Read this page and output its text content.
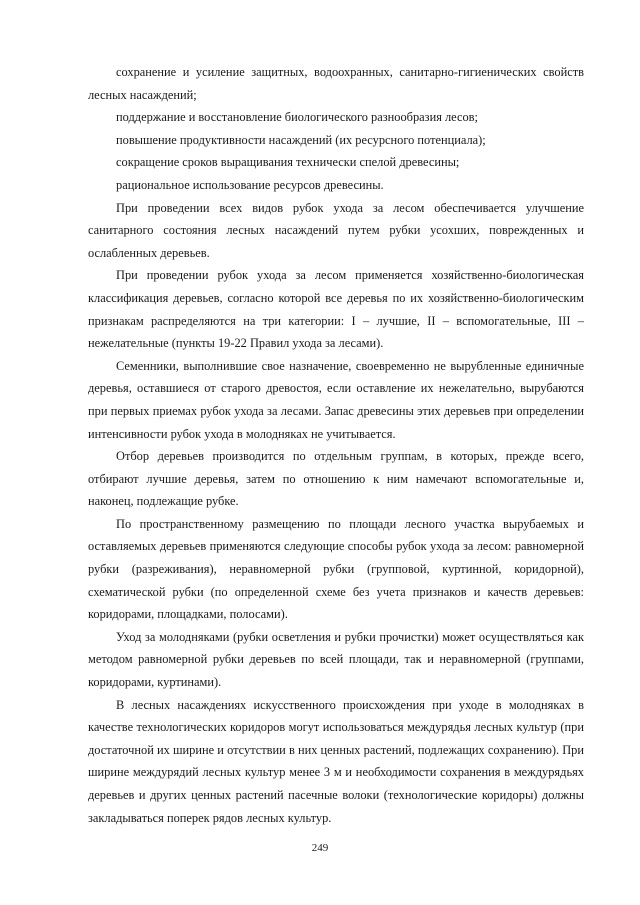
сохранение и усиление защитных, водоохранных, санитарно-гигиенических свойств лесных насаждений;

поддержание и восстановление биологического разнообразия лесов;

повышение продуктивности насаждений (их ресурсного потенциала);

сокращение сроков выращивания технически спелой древесины;

рациональное использование ресурсов древесины.

При проведении всех видов рубок ухода за лесом обеспечивается улучшение санитарного состояния лесных насаждений путем рубки усохших, поврежденных и ослабленных деревьев.

При проведении рубок ухода за лесом применяется хозяйственно-биологическая классификация деревьев, согласно которой все деревья по их хозяйственно-биологическим признакам распределяются на три категории: I – лучшие, II – вспомогательные, III – нежелательные (пункты 19-22 Правил ухода за лесами).

Семенники, выполнившие свое назначение, своевременно не вырубленные единичные деревья, оставшиеся от старого древостоя, если оставление их нежелательно, вырубаются при первых приемах рубок ухода за лесами. Запас древесины этих деревьев при определении интенсивности рубок ухода в молодняках не учитывается.

Отбор деревьев производится по отдельным группам, в которых, прежде всего, отбирают лучшие деревья, затем по отношению к ним намечают вспомогательные и, наконец, подлежащие рубке.

По пространственному размещению по площади лесного участка вырубаемых и оставляемых деревьев применяются следующие способы рубок ухода за лесом: равномерной рубки (разреживания), неравномерной рубки (групповой, куртинной, коридорной), схематической рубки (по определенной схеме без учета признаков и качеств деревьев: коридорами, площадками, полосами).

Уход за молодняками (рубки осветления и рубки прочистки) может осуществляться как методом равномерной рубки деревьев по всей площади, так и неравномерной (группами, коридорами, куртинами).

В лесных насаждениях искусственного происхождения при уходе в молодняках в качестве технологических коридоров могут использоваться междурядья лесных культур (при достаточной их ширине и отсутствии в них ценных растений, подлежащих сохранению). При ширине междурядий лесных культур менее 3 м и необходимости сохранения в междурядьях деревьев и других ценных растений пасечные волоки (технологические коридоры) должны закладываться поперек рядов лесных культур.

249
